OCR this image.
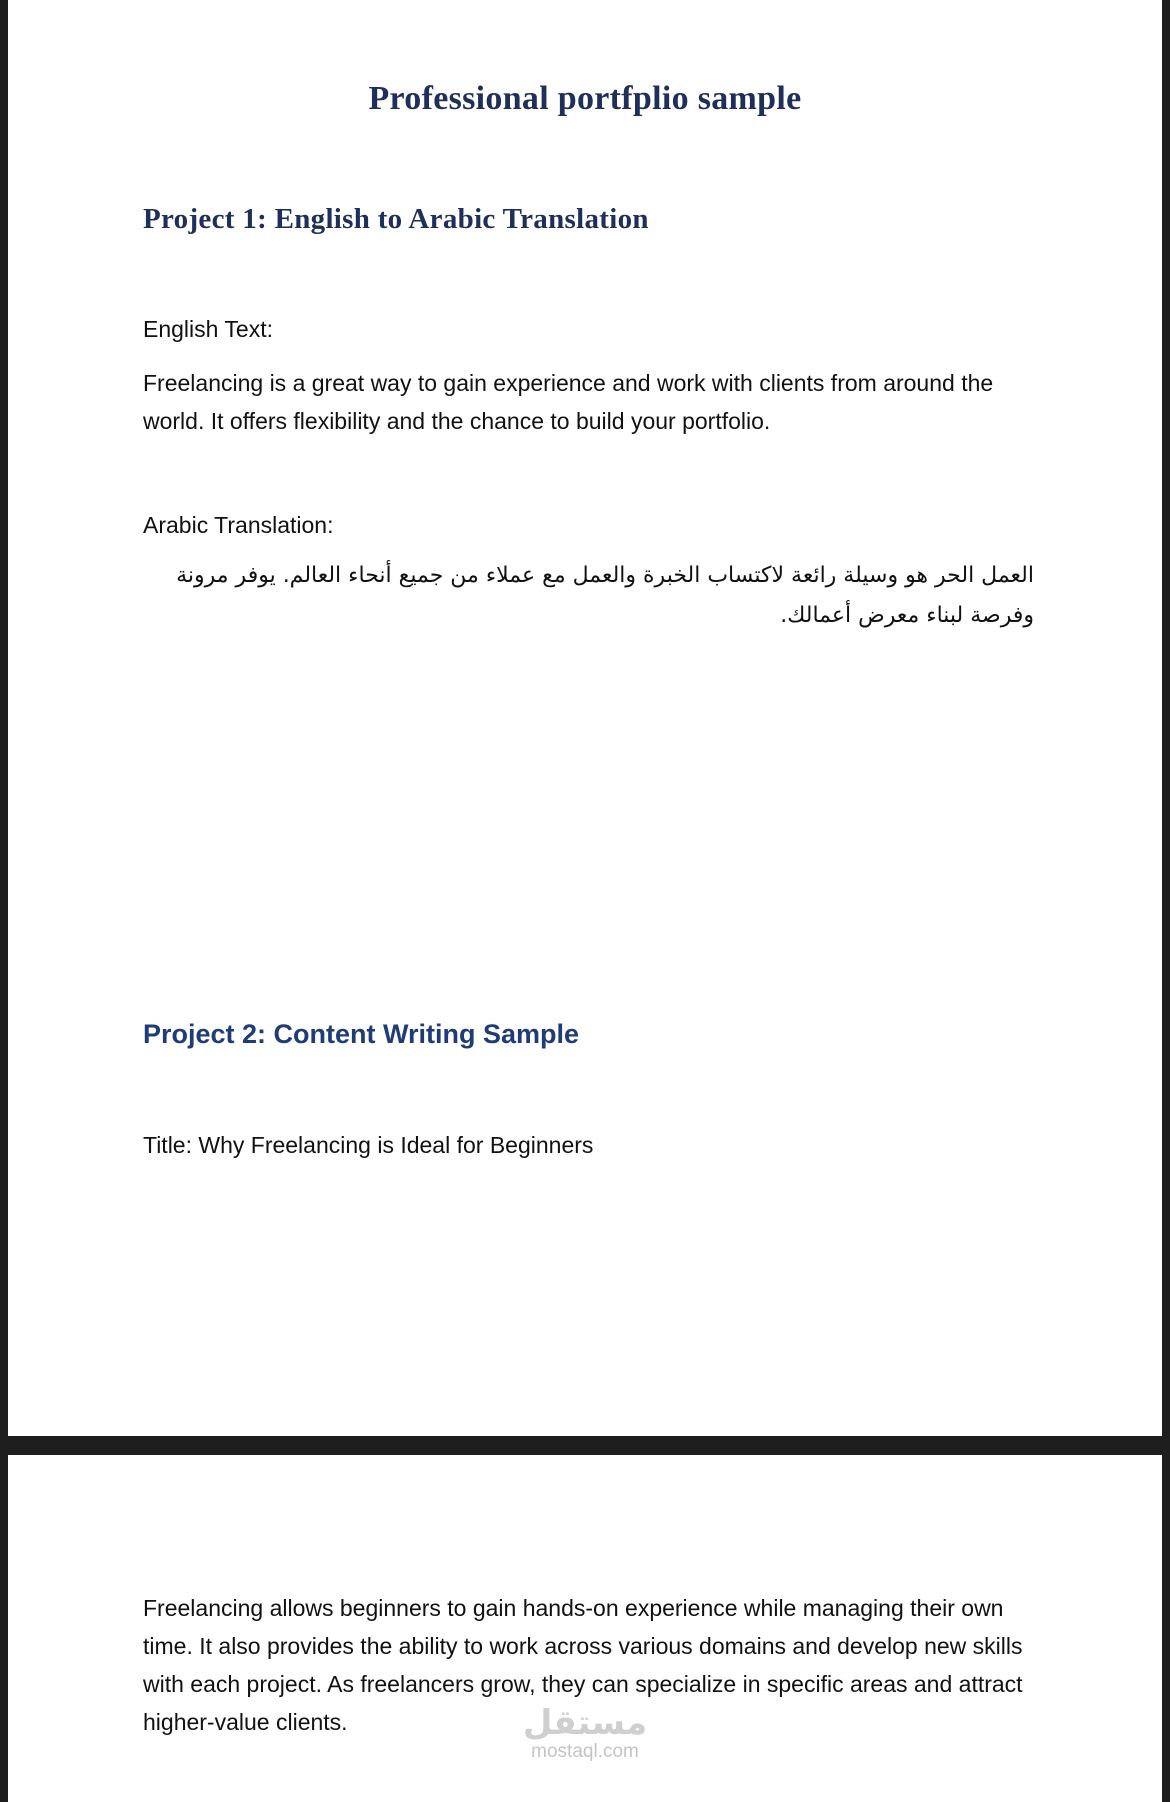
Professional portfplio sample
Project 1: English to Arabic Translation

English Text:

Freelancing is a great way to gain experience and work with clients from around the world. It offers flexibility and the chance to build your portfolio.

Arabic Translation:

العمل الحر هو وسيلة رائعة لاكتساب الخبرة والعمل مع عملاء من جميع أنحاء العالم. يوفر مرونة وفرصة لبناء معرض أعمالك.

Project 2: Content Writing Sample

Title: Why Freelancing is Ideal for Beginners

Freelancing allows beginners to gain hands-on experience while managing their own time. It also provides the ability to work across various domains and develop new skills with each project. As freelancers grow, they can specialize in specific areas and attract higher-value clients.	مستقل
mostaql.com
